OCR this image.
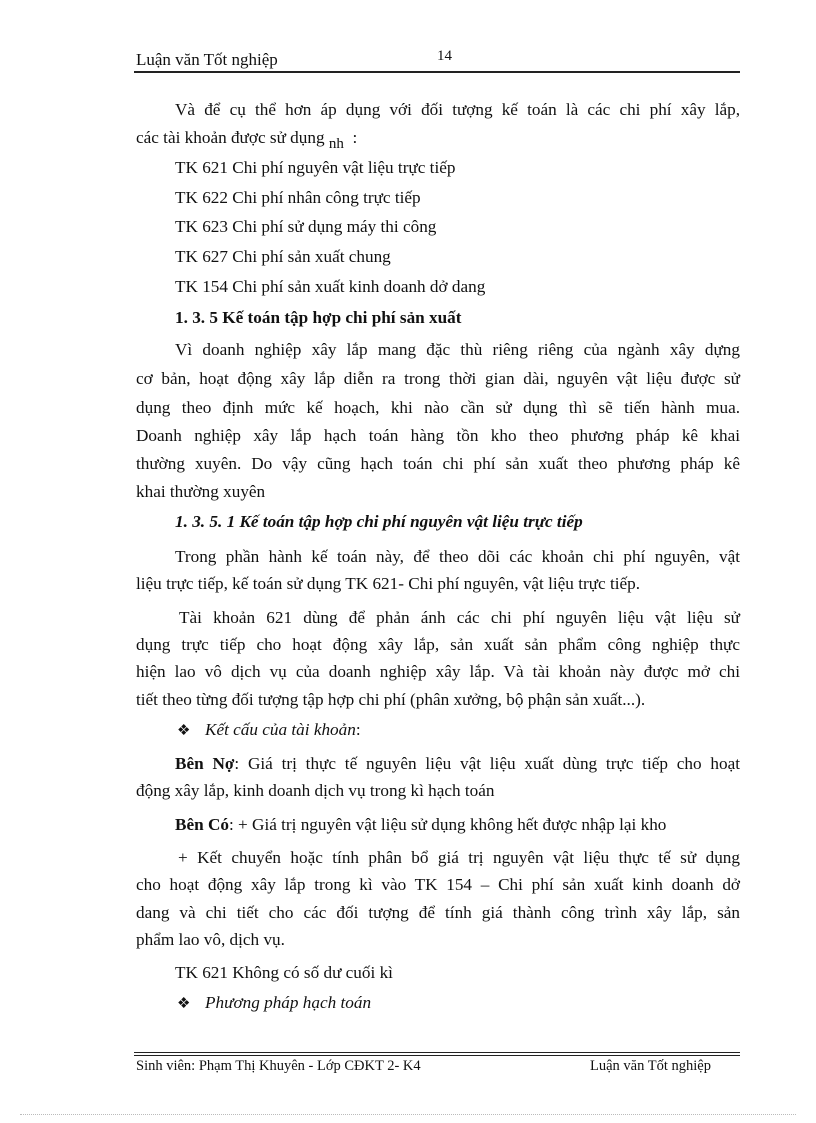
Luận văn Tốt nghiệp	14
Và để cụ thể hơn áp dụng với đối tượng kế toán là các chi phí xây lắp,
các tài khoản được sử dụng nh :
TK 621 Chi phí nguyên vật liệu trực tiếp
TK 622 Chi phí nhân công trực tiếp
TK 623 Chi phí sử dụng máy thi công
TK 627 Chi phí sản xuất chung
TK 154 Chi phí sản xuất kinh doanh dở dang
1. 3. 5 Kế toán tập hợp chi phí sản xuất
Vì doanh nghiệp xây lắp mang đặc thù riêng riêng của ngành xây dựng
cơ bản, hoạt động xây lắp diễn ra trong thời gian dài, nguyên vật liệu được sử
dụng theo định mức kế hoạch, khi nào cần sử dụng thì sẽ tiến hành mua.
Doanh nghiệp xây lắp hạch toán hàng tồn kho theo phương pháp kê khai
thường xuyên. Do vậy cũng hạch toán chi phí sản xuất theo phương pháp kê
khai thường xuyên
1. 3. 5. 1 Kế toán tập hợp chi phí nguyên vật liệu trực tiếp
Trong phần hành kế toán này, để theo dõi các khoản chi phí nguyên, vật
liệu trực tiếp, kế toán sử dụng TK 621- Chi phí nguyên, vật liệu trực tiếp.
Tài khoản 621 dùng để phản ánh các chi phí nguyên liệu vật liệu sử
dụng trực tiếp cho hoạt động xây lắp, sản xuất sản phẩm công nghiệp thực
hiện lao vô dịch vụ của doanh nghiệp xây lắp. Và tài khoản này được mở chi
tiết theo từng đối tượng tập hợp chi phí (phân xưởng, bộ phận sản xuất...).
❖ Kết cấu của tài khoản:
Bên Nợ: Giá trị thực tế nguyên liệu vật liệu xuất dùng trực tiếp cho hoạt
động xây lắp, kinh doanh dịch vụ trong kì hạch toán
Bên Có: + Giá trị nguyên vật liệu sử dụng không hết được nhập lại kho
+ Kết chuyển hoặc tính phân bổ giá trị nguyên vật liệu thực tế sử dụng
cho hoạt động xây lắp trong kì vào TK 154 – Chi phí sản xuất kinh doanh dở
dang và chi tiết cho các đối tượng để tính giá thành công trình xây lắp, sản
phẩm lao vô, dịch vụ.
TK 621 Không có số dư cuối kì
❖ Phương pháp hạch toán
Sinh viên: Phạm Thị Khuyên - Lớp CĐKT 2- K4	Luận văn Tốt nghiệp
